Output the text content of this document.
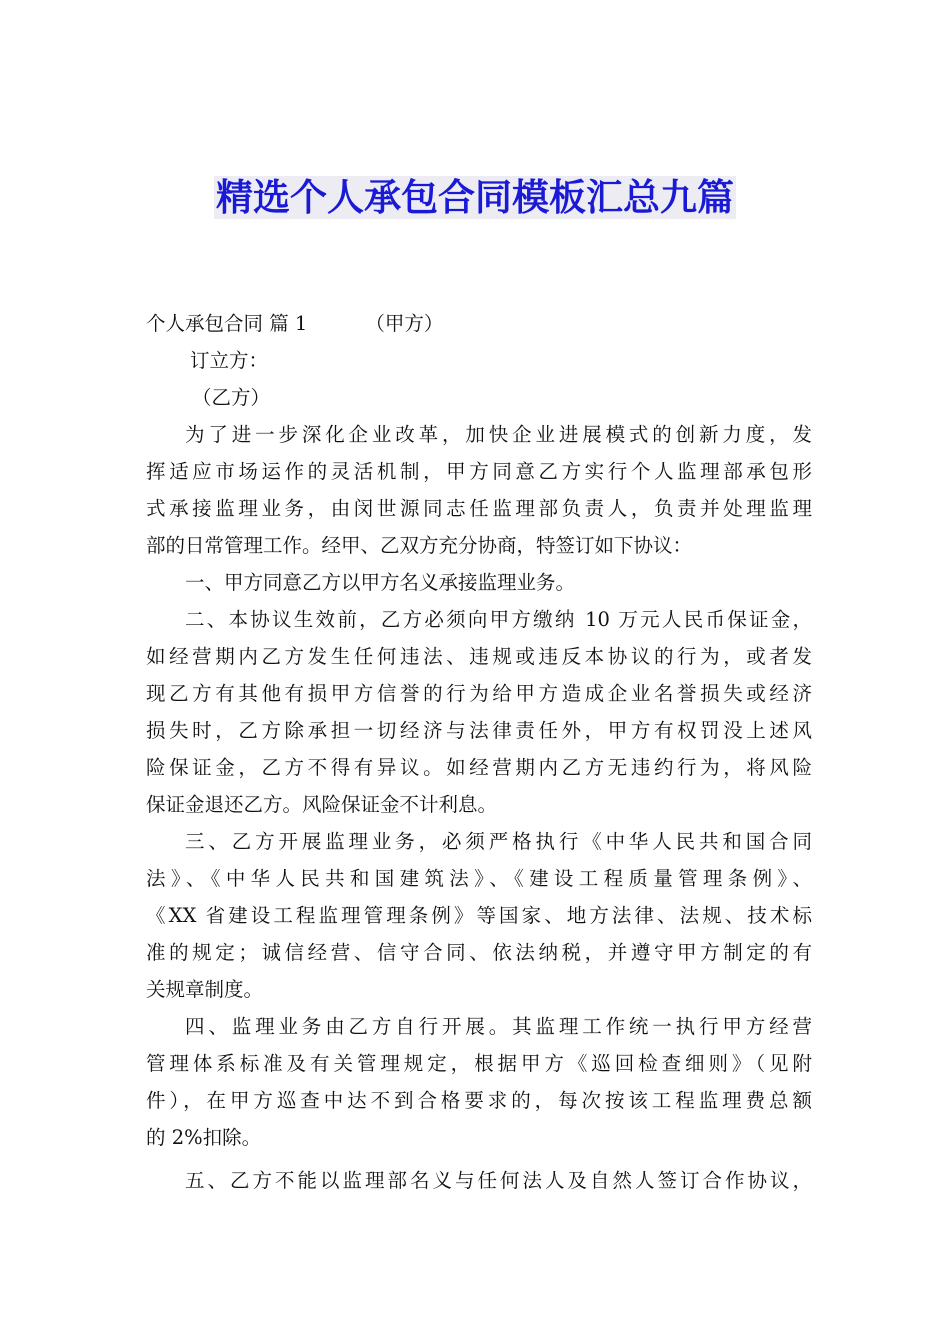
精选个人承包合同模板汇总九篇
个人承包合同 篇 1	（甲方）
订立方：
（乙方）
为了进一步深化企业改革，加快企业进展模式的创新力度，发
挥适应市场运作的灵活机制，甲方同意乙方实行个人监理部承包形
式承接监理业务，由闵世源同志任监理部负责人，负责并处理监理
部的日常管理工作。经甲、乙双方充分协商，特签订如下协议：
一、甲方同意乙方以甲方名义承接监理业务。
二、本协议生效前，乙方必须向甲方缴纳 10 万元人民币保证金，
如经营期内乙方发生任何违法、违规或违反本协议的行为，或者发
现乙方有其他有损甲方信誉的行为给甲方造成企业名誉损失或经济
损失时，乙方除承担一切经济与法律责任外，甲方有权罚没上述风
险保证金，乙方不得有异议。如经营期内乙方无违约行为，将风险
保证金退还乙方。风险保证金不计利息。
三、乙方开展监理业务，必须严格执行《中华人民共和国合同
法》、《中华人民共和国建筑法》、《建设工程质量管理条例》、
《XX 省建设工程监理管理条例》等国家、地方法律、法规、技术标
准的规定；诚信经营、信守合同、依法纳税，并遵守甲方制定的有
关规章制度。
四、监理业务由乙方自行开展。其监理工作统一执行甲方经营
管理体系标准及有关管理规定，根据甲方《巡回检查细则》（见附
件），在甲方巡查中达不到合格要求的，每次按该工程监理费总额
的 2%扣除。
五、乙方不能以监理部名义与任何法人及自然人签订合作协议，
